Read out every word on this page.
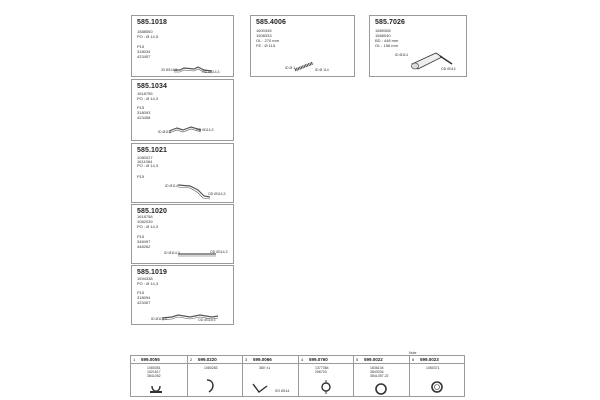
585.1018
1588550
PO : Ø 14,5
P15
318034
423457
33 Ø114,3	OD Ø114,3
585.4006
1600345
1508333
OL : 270 mm
FE : Ø 115
ID Ø 1	ID Ø 114
585.7026
1589308
1568040
BD : 448 mm
OL : 156 mm
ID Ø114
OD Ø114
585.1034
1618755
PO : Ø 14,3
P15
318093
423458
ID Ø114	OD Ø114,3
585.1021
1080027
1611064
PO : Ø 14,3
P15
ID Ø114
OD Ø114,3
585.1020
1618758
1082039
PO : Ø 14,3
P15
348497
448262
ID Ø114,3	OD Ø114,3
585.1019
1594338
PO : Ø 14,3
P15
318094
423457
ID Ø114,3	OD Ø114,3
Note
1 599.0055
1080351
1521617
384L052
2 599.0220
1080283
3 599.0066
380' x1
SO Ø114
4 599.0760
1377384
256703
5 599.0022
1636104
3843034
384L057.22
6 599.0023
1080371
